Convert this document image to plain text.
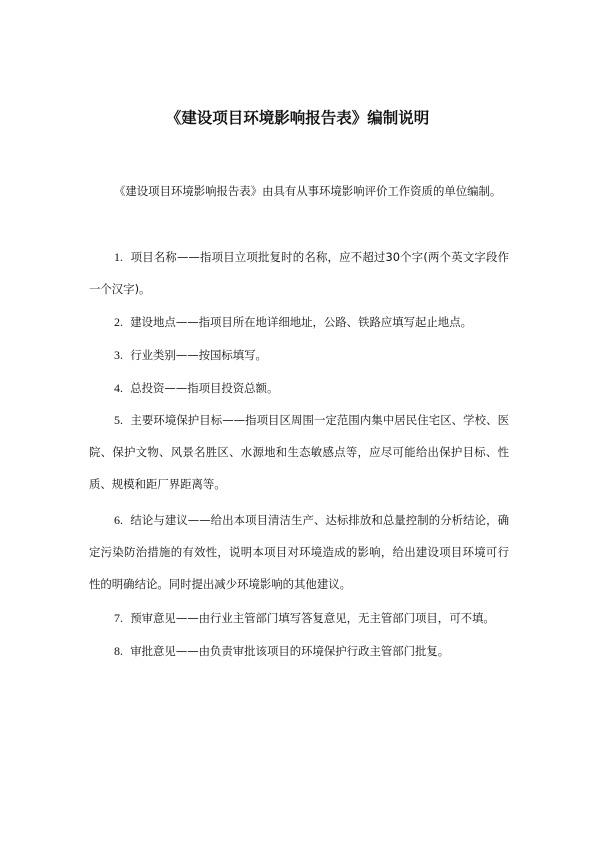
《建设项目环境影响报告表》编制说明
《建设项目环境影响报告表》由具有从事环境影响评价工作资质的单位编制。
1. 项目名称——指项目立项批复时的名称，应不超过30个字(两个英文字段作一个汉字)。
2. 建设地点——指项目所在地详细地址，公路、铁路应填写起止地点。
3. 行业类别——按国标填写。
4. 总投资——指项目投资总额。
5. 主要环境保护目标——指项目区周围一定范围内集中居民住宅区、学校、医院、保护文物、风景名胜区、水源地和生态敏感点等，应尽可能给出保护目标、性质、规模和距厂界距离等。
6. 结论与建议——给出本项目清洁生产、达标排放和总量控制的分析结论，确定污染防治措施的有效性，说明本项目对环境造成的影响，给出建设项目环境可行性的明确结论。同时提出减少环境影响的其他建议。
7. 预审意见——由行业主管部门填写答复意见，无主管部门项目，可不填。
8. 审批意见——由负责审批该项目的环境保护行政主管部门批复。
